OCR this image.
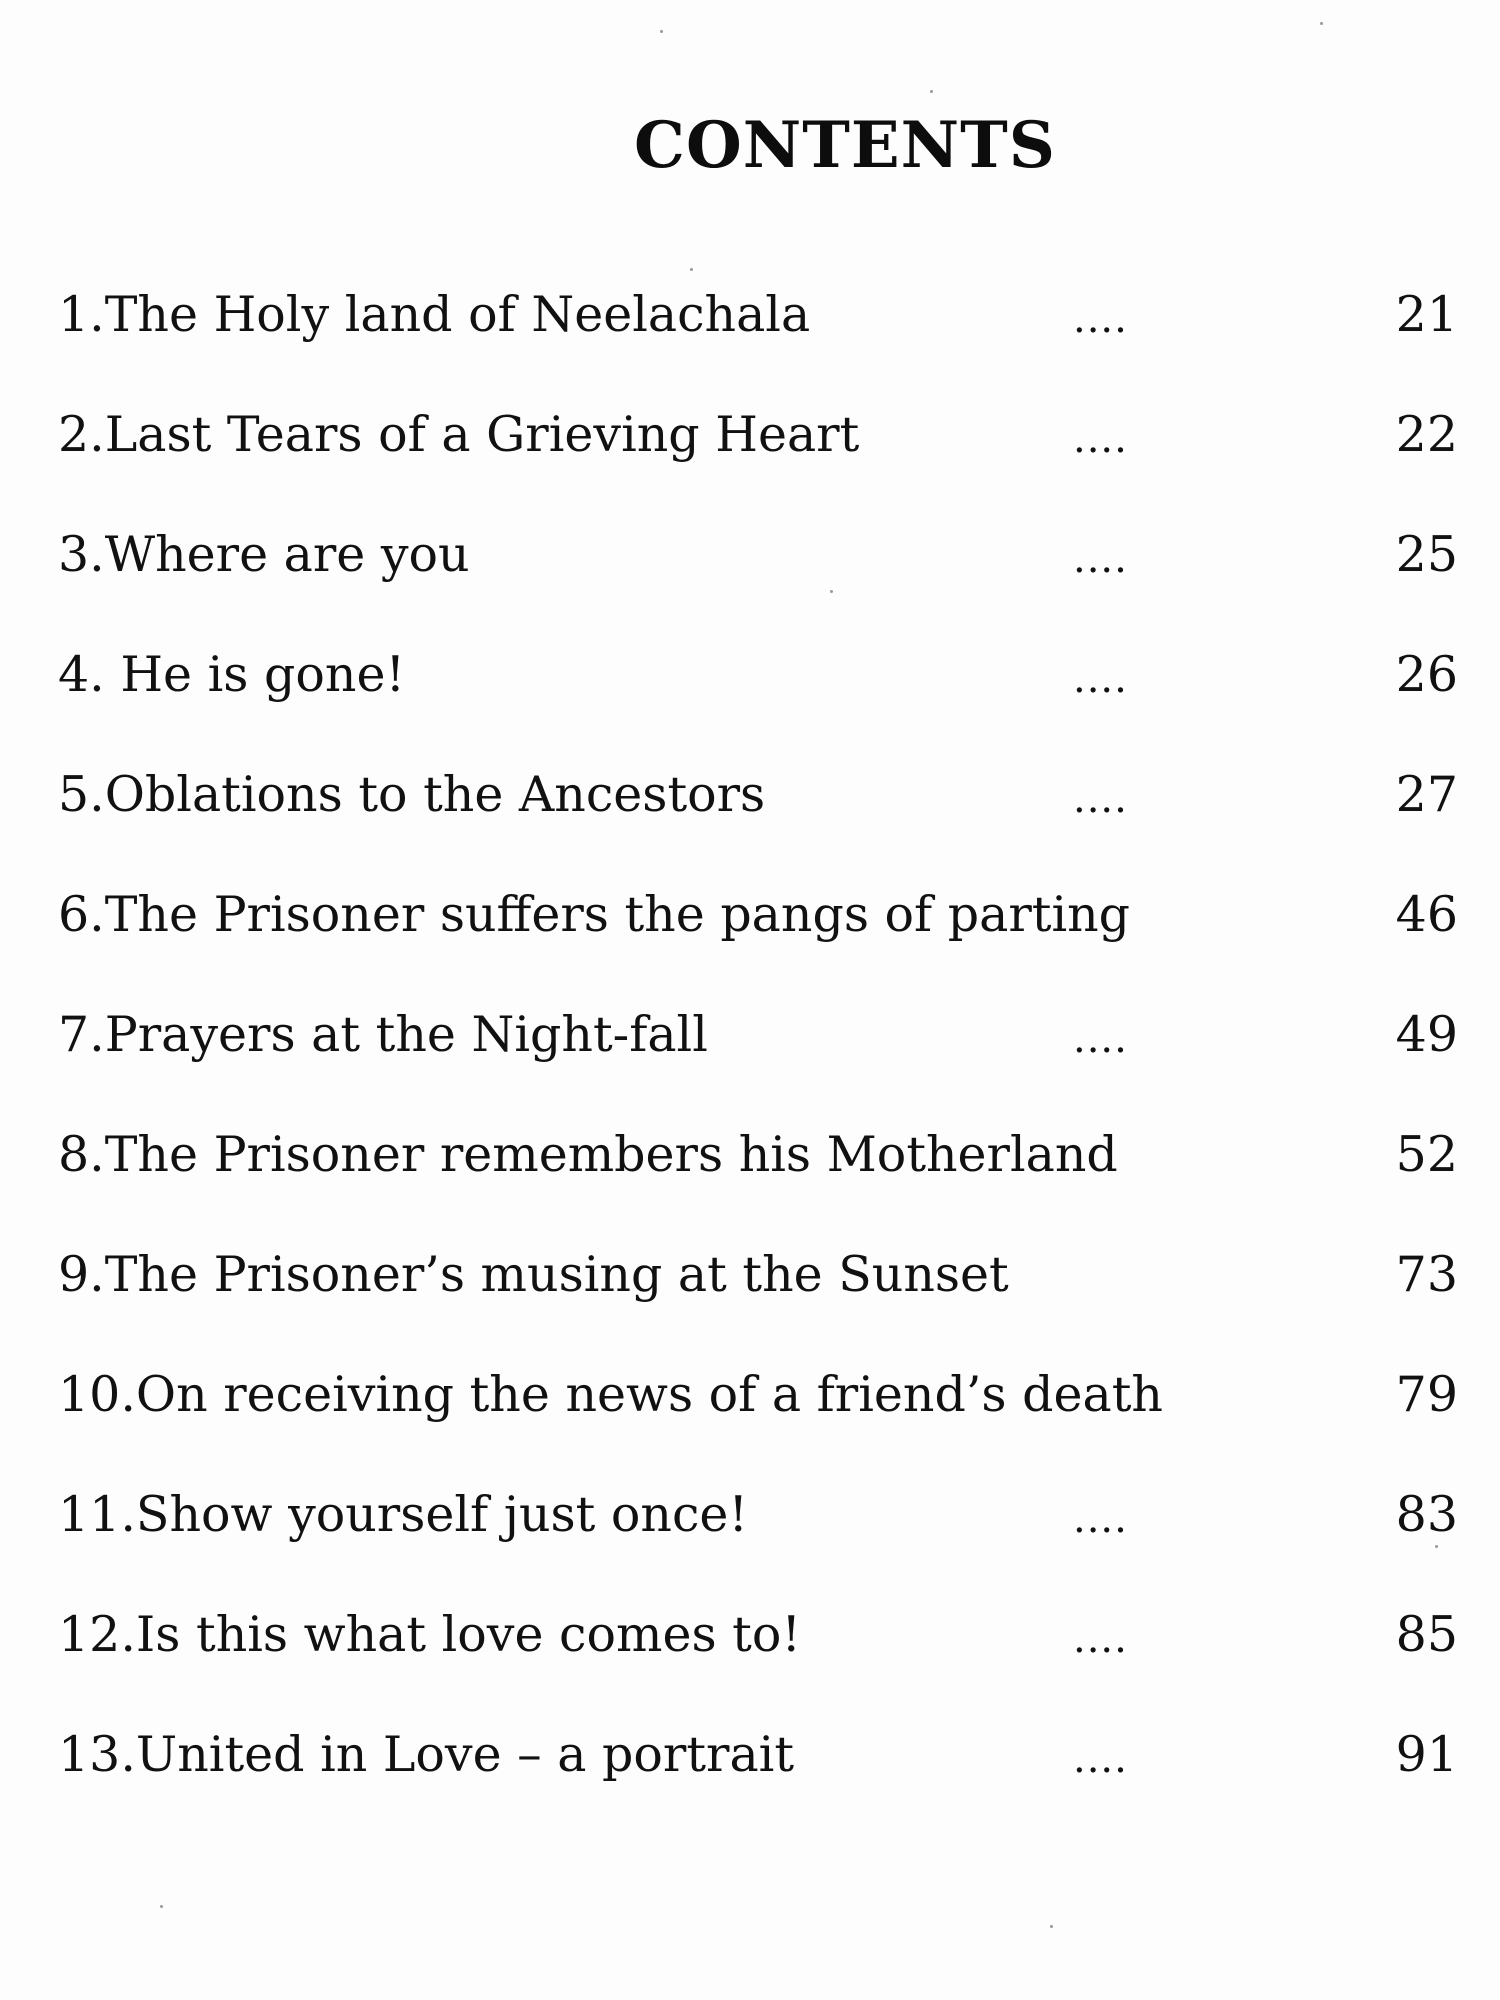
CONTENTS
1.The Holy land of Neelachala	....	21
2.Last Tears of a Grieving Heart	....	22
3.Where are you	....	25
4. He is gone!	....	26
5.Oblations to the Ancestors	....	27
6.The Prisoner suffers the pangs of parting	46
7.Prayers at the Night-fall	....	49
8.The Prisoner remembers his Motherland	52
9.The Prisoner’s musing at the Sunset	73
10.On receiving the news of a friend’s death	79
11.Show yourself just once!	....	83
12.Is this what love comes to!	....	85
13.United in Love – a portrait	....	91
